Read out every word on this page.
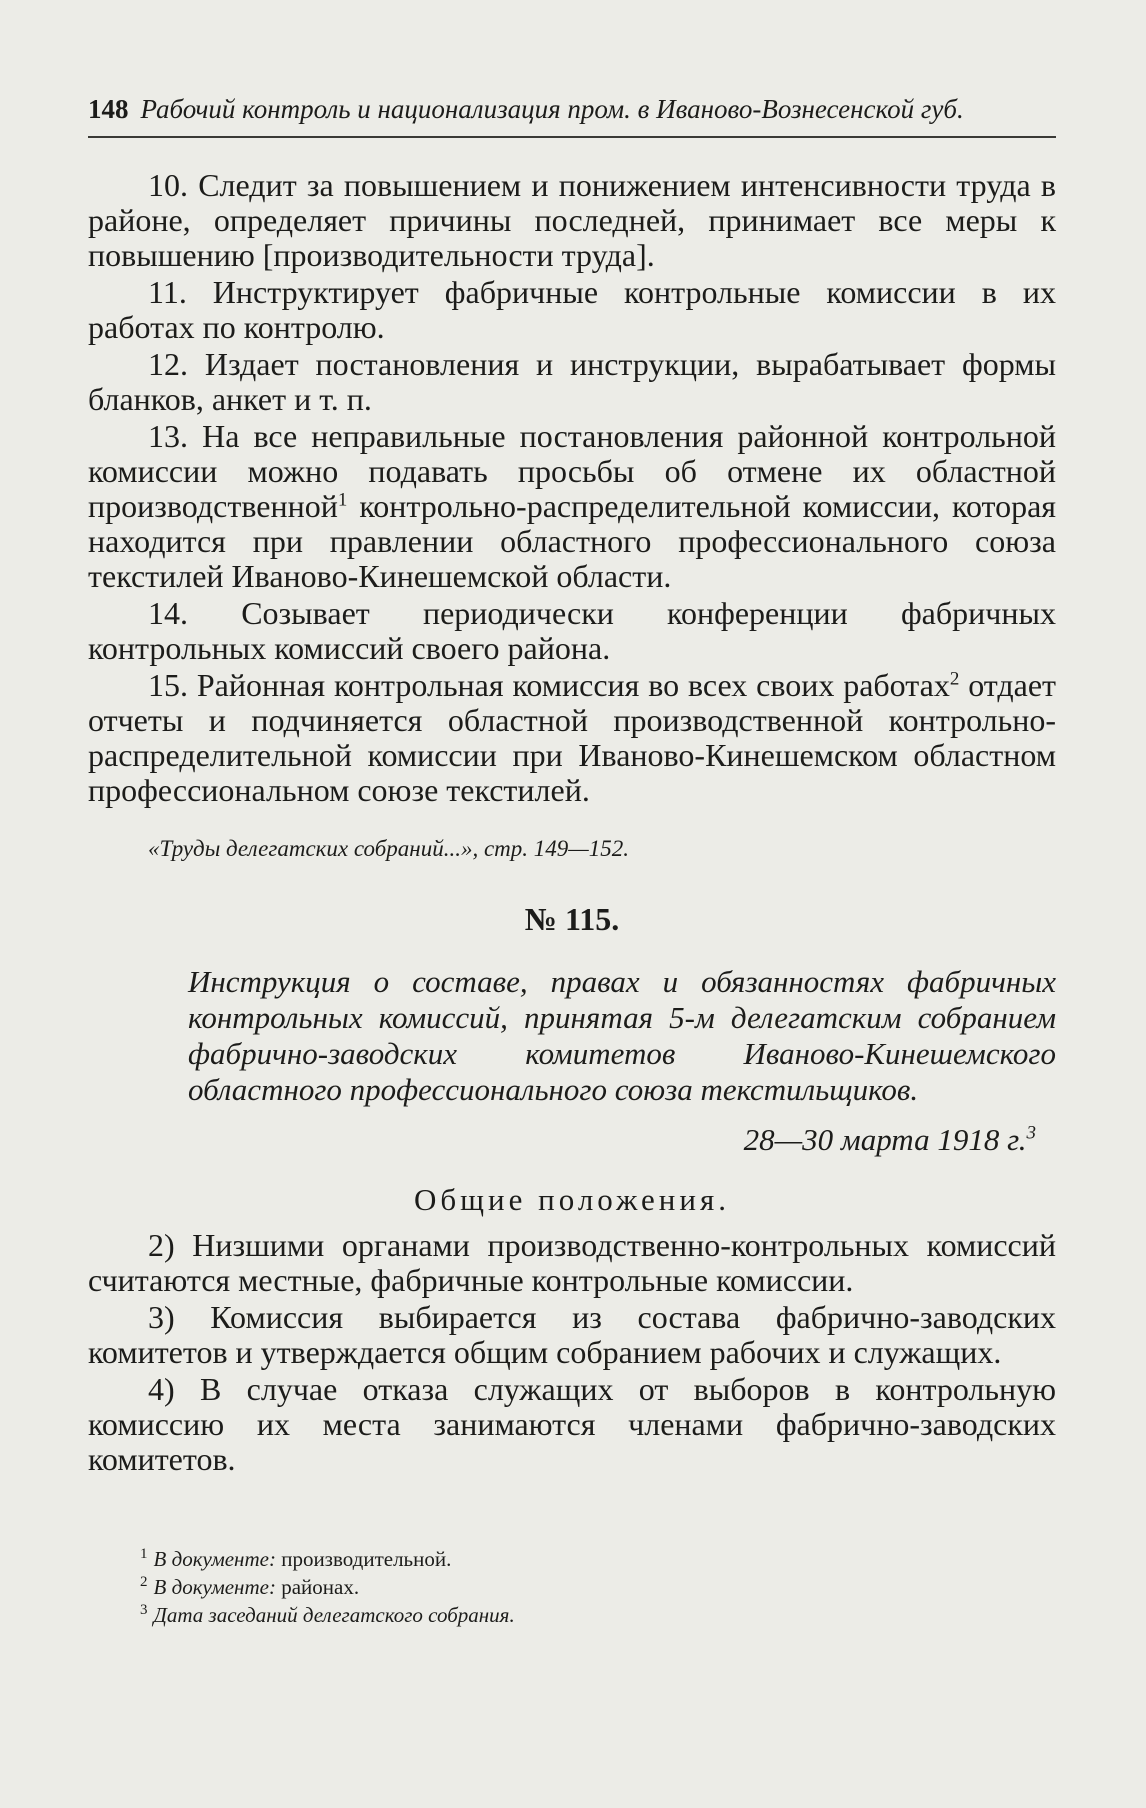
148 Рабочий контроль и национализация пром. в Иваново-Вознесенской губ.

10. Следит за повышением и понижением интенсивности труда в районе, определяет причины последней, принимает все меры к повышению [производительности труда].

11. Инструктирует фабричные контрольные комиссии в их работах по контролю.

12. Издает постановления и инструкции, вырабатывает формы бланков, анкет и т. п.

13. На все неправильные постановления районной контрольной комиссии можно подавать просьбы об отмене их областной производственной$^1$ контрольно-распределительной комиссии, которая находится при правлении областного профессионального союза текстилей Иваново-Кинешемской области.

14. Созывает периодически конференции фабричных контрольных комиссий своего района.

15. Районная контрольная комиссия во всех своих работах$^2$ отдает отчеты и подчиняется областной производственной контрольно-распределительной комиссии при Иваново-Кинешемском областном профессиональном союзе текстилей.

«Труды делегатских собраний...», стр. 149—152.

№ 115.

Инструкция о составе, правах и обязанностях фабричных контрольных комиссий, принятая 5-м делегатским собранием фабрично-заводских комитетов Иваново-Кинешемского областного профессионального союза текстильщиков.

28—30 марта 1918 г.$^3$

Общие положения.

2) Низшими органами производственно-контрольных комиссий считаются местные, фабричные контрольные комиссии.

3) Комиссия выбирается из состава фабрично-заводских комитетов и утверждается общим собранием рабочих и служащих.

4) В случае отказа служащих от выборов в контрольную комиссию их места занимаются членами фабрично-заводских комитетов.

$^1$ В документе: производительной.

$^2$ В документе: районах.

$^3$ Дата заседаний делегатского собрания.
